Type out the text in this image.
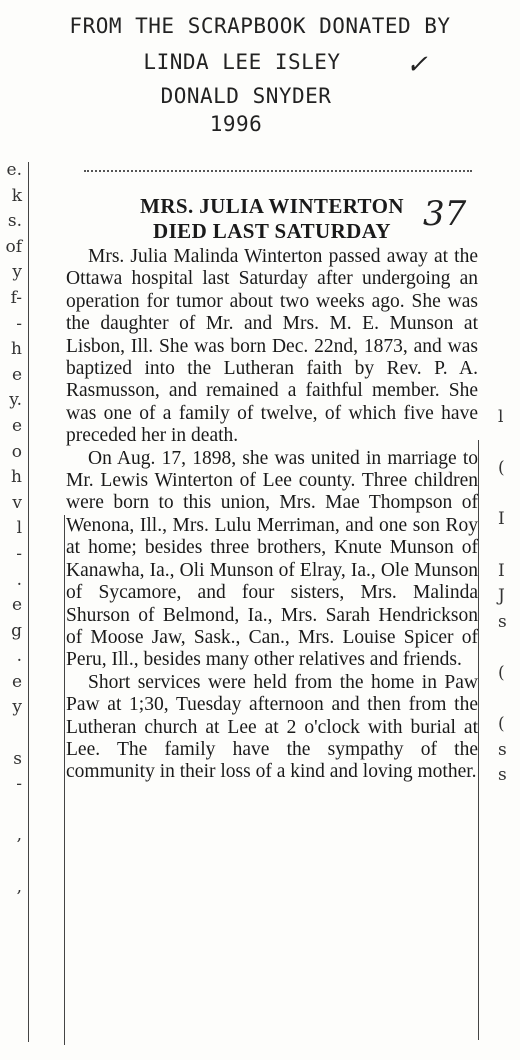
FROM THE SCRAPBOOK DONATED BY
LINDA LEE ISLEY	✓
DONALD SNYDER
1996
e.
k
s.
of
y
f-
-
h
e
y.
e
o
h
v
l
-
.
e
g
.
e
y

s
-

,

,

l

(

I

I
J
s

(

(
s
s
37
MRS. JULIA WINTERTON
DIED LAST SATURDAY

Mrs. Julia Malinda Winterton passed away at the Ottawa hospital last Saturday after undergoing an operation for tumor about two weeks ago. She was the daughter of Mr. and Mrs. M. E. Munson at Lisbon, Ill. She was born Dec. 22nd, 1873, and was baptized into the Lutheran faith by Rev. P. A. Rasmusson, and remained a faithful member. She was one of a family of twelve, of which five have preceded her in death.

On Aug. 17, 1898, she was united in marriage to Mr. Lewis Winterton of Lee county. Three children were born to this union, Mrs. Mae Thompson of Wenona, Ill., Mrs. Lulu Merriman, and one son Roy at home; besides three brothers, Knute Munson of Kanawha, Ia., Oli Munson of Elray, Ia., Ole Munson of Sycamore, and four sisters, Mrs. Malinda Shurson of Belmond, Ia., Mrs. Sarah Hendrickson of Moose Jaw, Sask., Can., Mrs. Louise Spicer of Peru, Ill., besides many other relatives and friends.

Short services were held from the home in Paw Paw at 1;30, Tuesday afternoon and then from the Lutheran church at Lee at 2 o'clock with burial at Lee. The family have the sympathy of the community in their loss of a kind and loving mother.
